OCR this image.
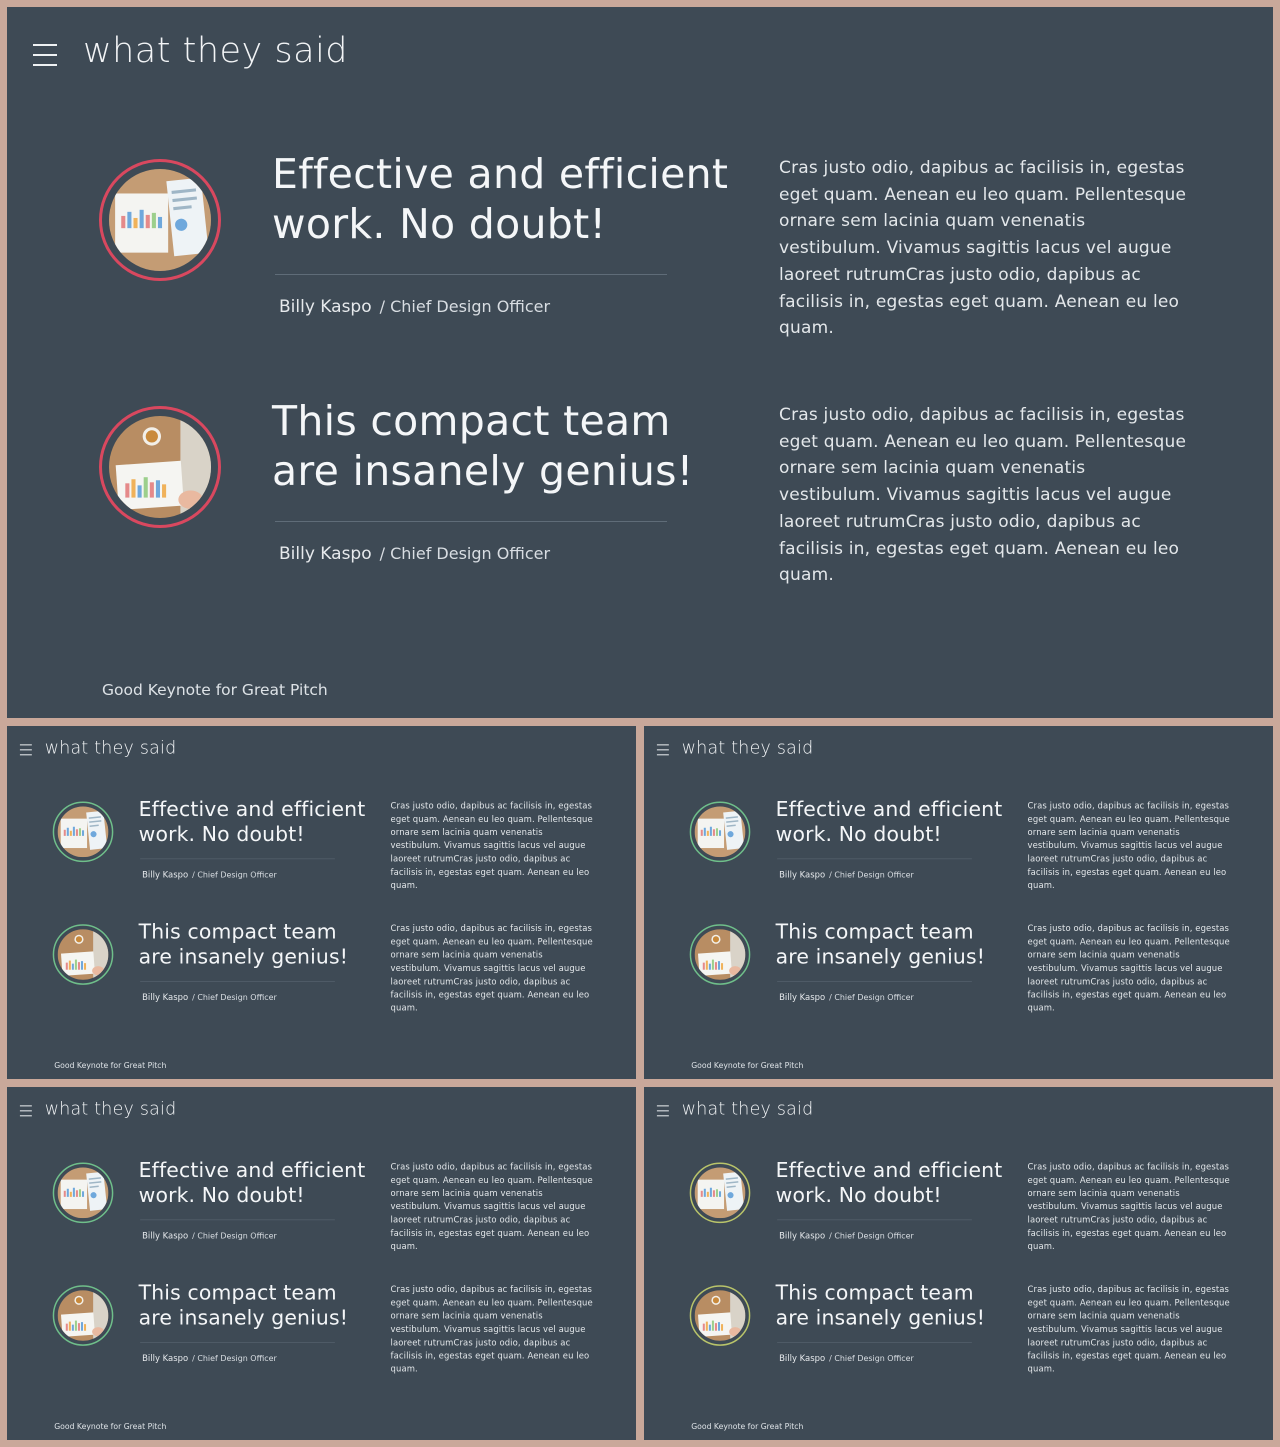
what they said
Effective and efficient work. No doubt!
Billy Kaspo / Chief Design Officer
Cras justo odio, dapibus ac facilisis in, egestas eget quam. Aenean eu leo quam. Pellentesque ornare sem lacinia quam venenatis vestibulum. Vivamus sagittis lacus vel augue laoreet rutrumCras justo odio, dapibus ac facilisis in, egestas eget quam. Aenean eu leo quam.
This compact team are insanely genius!
Billy Kaspo / Chief Design Officer
Cras justo odio, dapibus ac facilisis in, egestas eget quam. Aenean eu leo quam. Pellentesque ornare sem lacinia quam venenatis vestibulum. Vivamus sagittis lacus vel augue laoreet rutrumCras justo odio, dapibus ac facilisis in, egestas eget quam. Aenean eu leo quam.
Good Keynote for Great Pitch
what they said
Effective and efficient work. No doubt!
Billy Kaspo / Chief Design Officer
Cras justo odio, dapibus ac facilisis in, egestas eget quam. Aenean eu leo quam. Pellentesque ornare sem lacinia quam venenatis vestibulum. Vivamus sagittis lacus vel augue laoreet rutrumCras justo odio, dapibus ac facilisis in, egestas eget quam. Aenean eu leo quam.
This compact team are insanely genius!
Billy Kaspo / Chief Design Officer
Cras justo odio, dapibus ac facilisis in, egestas eget quam. Aenean eu leo quam. Pellentesque ornare sem lacinia quam venenatis vestibulum. Vivamus sagittis lacus vel augue laoreet rutrumCras justo odio, dapibus ac facilisis in, egestas eget quam. Aenean eu leo quam.
Good Keynote for Great Pitch
what they said
Effective and efficient work. No doubt!
Billy Kaspo / Chief Design Officer
Cras justo odio, dapibus ac facilisis in, egestas eget quam. Aenean eu leo quam. Pellentesque ornare sem lacinia quam venenatis vestibulum. Vivamus sagittis lacus vel augue laoreet rutrumCras justo odio, dapibus ac facilisis in, egestas eget quam. Aenean eu leo quam.
This compact team are insanely genius!
Billy Kaspo / Chief Design Officer
Cras justo odio, dapibus ac facilisis in, egestas eget quam. Aenean eu leo quam. Pellentesque ornare sem lacinia quam venenatis vestibulum. Vivamus sagittis lacus vel augue laoreet rutrumCras justo odio, dapibus ac facilisis in, egestas eget quam. Aenean eu leo quam.
Good Keynote for Great Pitch
what they said
Effective and efficient work. No doubt!
Billy Kaspo / Chief Design Officer
Cras justo odio, dapibus ac facilisis in, egestas eget quam. Aenean eu leo quam. Pellentesque ornare sem lacinia quam venenatis vestibulum. Vivamus sagittis lacus vel augue laoreet rutrumCras justo odio, dapibus ac facilisis in, egestas eget quam. Aenean eu leo quam.
This compact team are insanely genius!
Billy Kaspo / Chief Design Officer
Cras justo odio, dapibus ac facilisis in, egestas eget quam. Aenean eu leo quam. Pellentesque ornare sem lacinia quam venenatis vestibulum. Vivamus sagittis lacus vel augue laoreet rutrumCras justo odio, dapibus ac facilisis in, egestas eget quam. Aenean eu leo quam.
Good Keynote for Great Pitch
what they said
Effective and efficient work. No doubt!
Billy Kaspo / Chief Design Officer
Cras justo odio, dapibus ac facilisis in, egestas eget quam. Aenean eu leo quam. Pellentesque ornare sem lacinia quam venenatis vestibulum. Vivamus sagittis lacus vel augue laoreet rutrumCras justo odio, dapibus ac facilisis in, egestas eget quam. Aenean eu leo quam.
This compact team are insanely genius!
Billy Kaspo / Chief Design Officer
Cras justo odio, dapibus ac facilisis in, egestas eget quam. Aenean eu leo quam. Pellentesque ornare sem lacinia quam venenatis vestibulum. Vivamus sagittis lacus vel augue laoreet rutrumCras justo odio, dapibus ac facilisis in, egestas eget quam. Aenean eu leo quam.
Good Keynote for Great Pitch
